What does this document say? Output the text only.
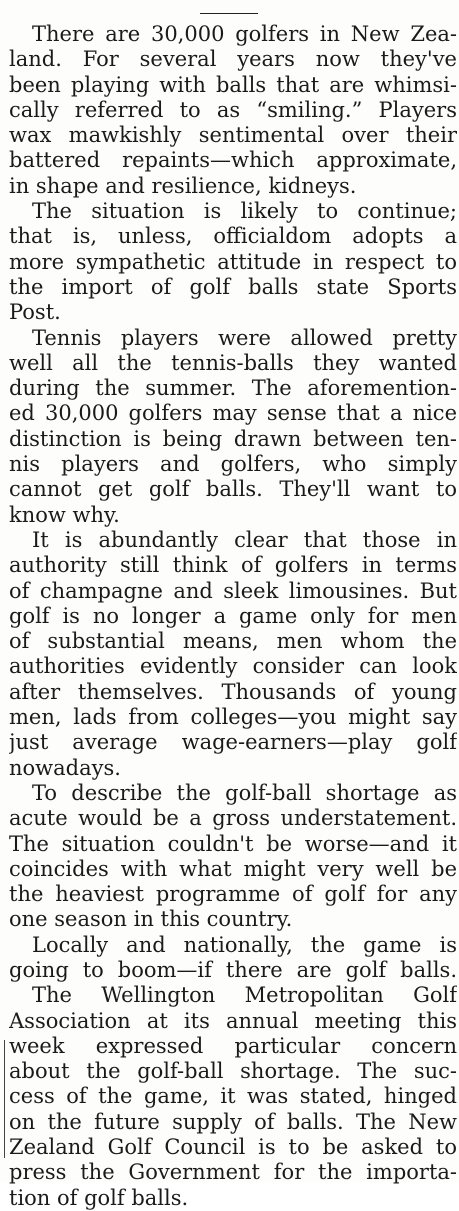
There are 30,000 golfers in New Zea-
land. For several years now they've
been playing with balls that are whimsi-
cally referred to as “smiling.” Players
wax mawkishly sentimental over their
battered repaints—which approximate,
in shape and resilience, kidneys.

The situation is likely to continue;
that is, unless, officialdom adopts a
more sympathetic attitude in respect to
the import of golf balls state Sports
Post.

Tennis players were allowed pretty
well all the tennis-balls they wanted
during the summer. The aforemention-
ed 30,000 golfers may sense that a nice
distinction is being drawn between ten-
nis players and golfers, who simply
cannot get golf balls. They'll want to
know why.

It is abundantly clear that those in
authority still think of golfers in terms
of champagne and sleek limousines. But
golf is no longer a game only for men
of substantial means, men whom the
authorities evidently consider can look
after themselves. Thousands of young
men, lads from colleges—you might say
just average wage-earners—play golf
nowadays.

To describe the golf-ball shortage as
acute would be a gross understatement.
The situation couldn't be worse—and it
coincides with what might very well be
the heaviest programme of golf for any
one season in this country.

Locally and nationally, the game is
going to boom—if there are golf balls.
The Wellington Metropolitan Golf
Association at its annual meeting this
week expressed particular concern
about the golf-ball shortage. The suc-
cess of the game, it was stated, hinged
on the future supply of balls. The New
Zealand Golf Council is to be asked to
press the Government for the importa-
tion of golf balls.
